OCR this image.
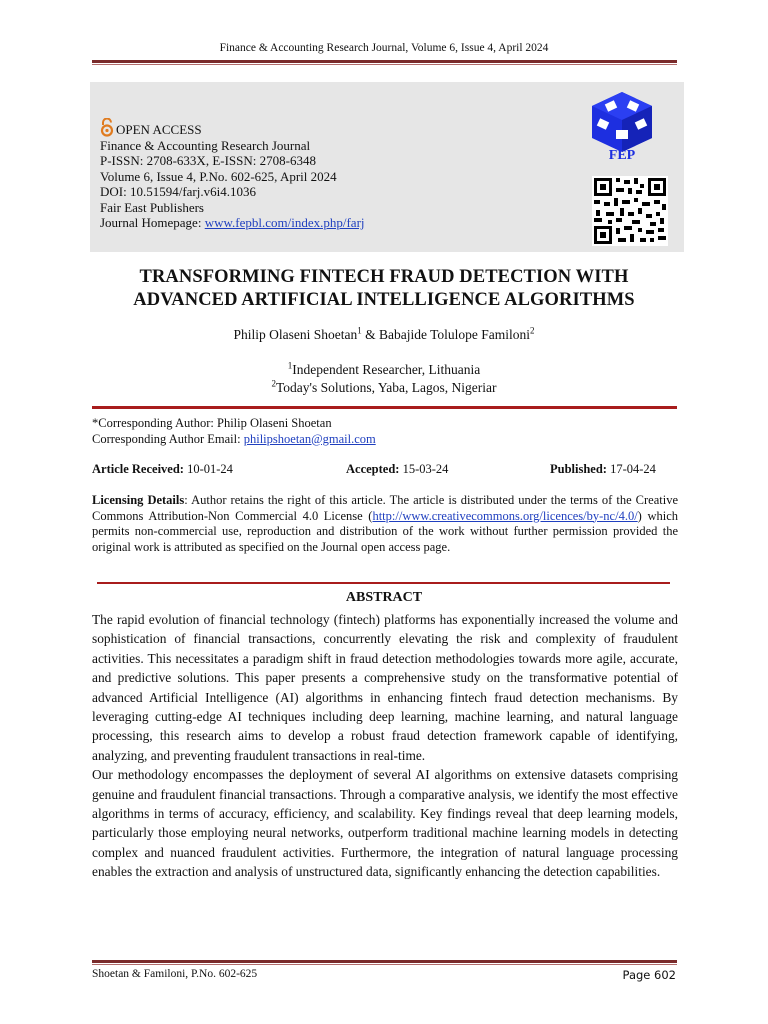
Finance & Accounting Research Journal, Volume 6, Issue 4, April 2024
OPEN ACCESS
Finance & Accounting Research Journal
P-ISSN: 2708-633X, E-ISSN: 2708-6348
Volume 6, Issue 4, P.No. 602-625, April 2024
DOI: 10.51594/farj.v6i4.1036
Fair East Publishers
Journal Homepage: www.fepbl.com/index.php/farj
FEP
TRANSFORMING FINTECH FRAUD DETECTION WITH
ADVANCED ARTIFICIAL INTELLIGENCE ALGORITHMS
Philip Olaseni Shoetan$^1$ & Babajide Tolulope Familoni$^2$
$^1$Independent Researcher, Lithuania
$^2$Today's Solutions, Yaba, Lagos, Nigeriar
*Corresponding Author: Philip Olaseni Shoetan
Corresponding Author Email: philipshoetan@gmail.com
Article Received: 10-01-24	Accepted: 15-03-24	Published: 17-04-24
Licensing Details: Author retains the right of this article. The article is distributed under the terms of the Creative Commons Attribution-Non Commercial 4.0 License (http://www.creativecommons.org/licences/by-nc/4.0/) which permits non-commercial use, reproduction and distribution of the work without further permission provided the original work is attributed as specified on the Journal open access page.
ABSTRACT

The rapid evolution of financial technology (fintech) platforms has exponentially increased the volume and sophistication of financial transactions, concurrently elevating the risk and complexity of fraudulent activities. This necessitates a paradigm shift in fraud detection methodologies towards more agile, accurate, and predictive solutions. This paper presents a comprehensive study on the transformative potential of advanced Artificial Intelligence (AI) algorithms in enhancing fintech fraud detection mechanisms. By leveraging cutting-edge AI techniques including deep learning, machine learning, and natural language processing, this research aims to develop a robust fraud detection framework capable of identifying, analyzing, and preventing fraudulent transactions in real-time.

Our methodology encompasses the deployment of several AI algorithms on extensive datasets comprising genuine and fraudulent financial transactions. Through a comparative analysis, we identify the most effective algorithms in terms of accuracy, efficiency, and scalability. Key findings reveal that deep learning models, particularly those employing neural networks, outperform traditional machine learning models in detecting complex and nuanced fraudulent activities. Furthermore, the integration of natural language processing enables the extraction and analysis of unstructured data, significantly enhancing the detection capabilities.

Shoetan & Familoni, P.No. 602-625	Page 602
